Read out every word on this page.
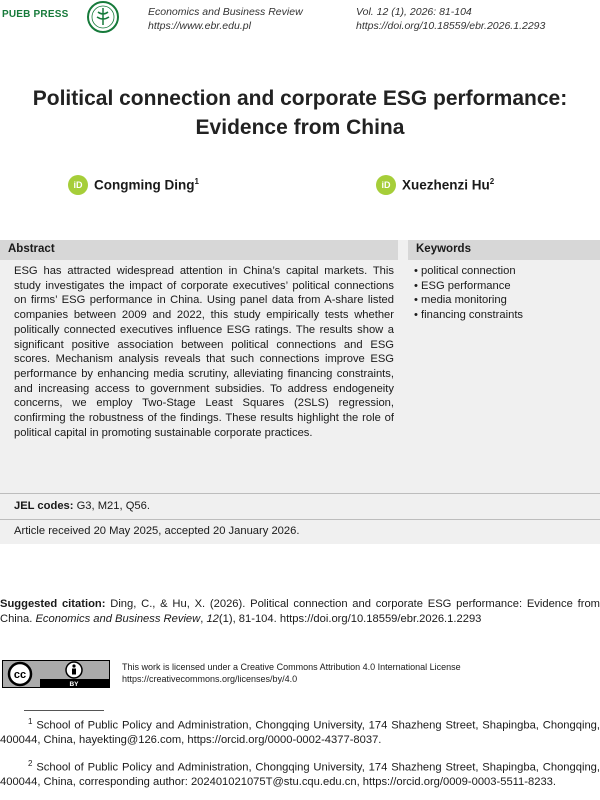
PUEB PRESS	Economics and Business Review
https://www.ebr.edu.pl
Vol. 12 (1), 2026: 81-104
https://doi.org/10.18559/ebr.2026.1.2293
Political connection and corporate ESG performance: Evidence from China
iD Congming Ding$^1$	iD Xuezhenzi Hu$^2$
Abstract	Keywords
ESG has attracted widespread attention in China’s capital markets. This study investigates the impact of corporate executives’ political connections on firms’ ESG performance in China. Using panel data from A-share listed companies between 2009 and 2022, this study empirically tests whether politically connected executives influence ESG ratings. The results show a significant positive association between political connections and ESG scores. Mechanism analysis reveals that such connections improve ESG performance by enhancing media scrutiny, alleviating financing constraints, and increasing access to government subsidies. To address endogeneity concerns, we employ Two-Stage Least Squares (2SLS) regression, confirming the robustness of the findings. These results highlight the role of political capital in promoting sustainable corporate practices.
• political connection
• ESG performance
• media monitoring
• financing constraints
JEL codes: G3, M21, Q56.
Article received 20 May 2025, accepted 20 January 2026.
Suggested citation: Ding, C., & Hu, X. (2026). Political connection and corporate ESG performance: Evidence from China. Economics and Business Review, 12(1), 81-104. https://doi.org/10.18559/ebr.2026.1.2293
cc
BY
This work is licensed under a Creative Commons Attribution 4.0 International License
https://creativecommons.org/licenses/by/4.0
$^1$ School of Public Policy and Administration, Chongqing University, 174 Shazheng Street, Shapingba, Chongqing, 400044, China, hayekting@126.com, https://orcid.org/0000-0002-4377-8037.
$^2$ School of Public Policy and Administration, Chongqing University, 174 Shazheng Street, Shapingba, Chongqing, 400044, China, corresponding author: 202401021075T@stu.cqu.edu.cn, https://orcid.org/0009-0003-5511-8233.
